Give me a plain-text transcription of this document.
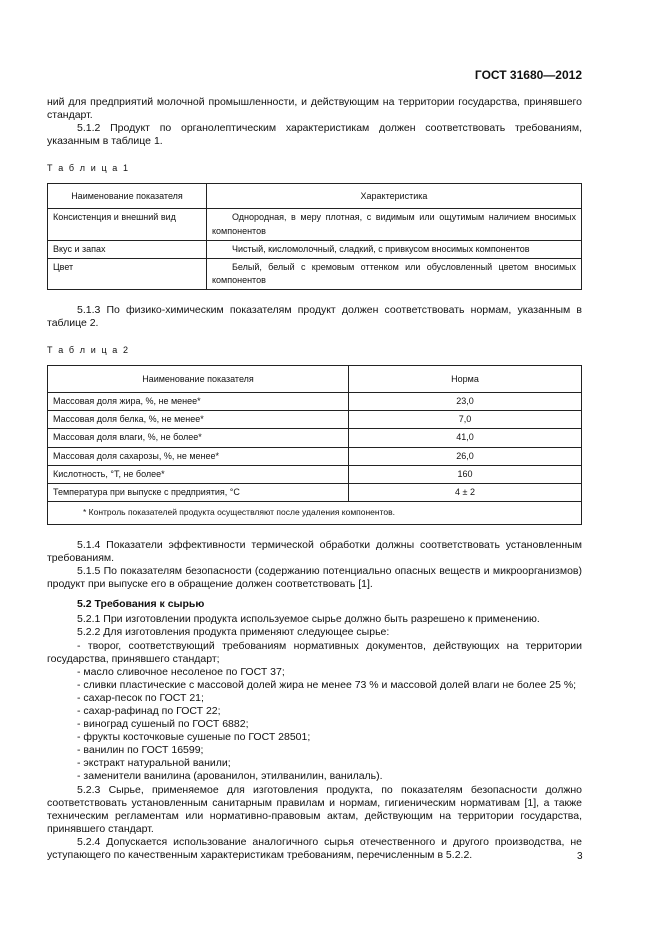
ГОСТ 31680—2012

ний для предприятий молочной промышленности, и действующим на территории государства, принявшего стандарт.

5.1.2 Продукт по органолептическим характеристикам должен соответствовать требованиям, указанным в таблице 1.

Т а б л и ц а 1
Наименование показателя	Характеристика
Консистенция и внешний вид	Однородная, в меру плотная, с видимым или ощутимым наличием вносимых компонентов
Вкус и запах	Чистый, кисломолочный, сладкий, с привкусом вносимых компонентов
Цвет	Белый, белый с кремовым оттенком или обусловленный цветом вносимых компонентов

5.1.3 По физико-химическим показателям продукт должен соответствовать нормам, указанным в таблице 2.

Т а б л и ц а 2
Наименование показателя	Норма
Массовая доля жира, %, не менее*	23,0
Массовая доля белка, %, не менее*	7,0
Массовая доля влаги, %, не более*	41,0
Массовая доля сахарозы, %, не менее*	26,0
Кислотность, °Т, не более*	160
Температура при выпуске с предприятия, °С	4 ± 2
* Контроль показателей продукта осуществляют после удаления компонентов.	

5.1.4 Показатели эффективности термической обработки должны соответствовать установленным требованиям.

5.1.5 По показателям безопасности (содержанию потенциально опасных веществ и микроорганизмов) продукт при выпуске его в обращение должен соответствовать [1].

5.2 Требования к сырью

5.2.1 При изготовлении продукта используемое сырье должно быть разрешено к применению.

5.2.2 Для изготовления продукта применяют следующее сырье:

- творог, соответствующий требованиям нормативных документов, действующих на территории государства, принявшего стандарт;

- масло сливочное несоленое по ГОСТ 37;

- сливки пластические с массовой долей жира не менее 73 % и массовой долей влаги не более 25 %;

- сахар-песок по ГОСТ 21;

- сахар-рафинад по ГОСТ 22;

- виноград сушеный по ГОСТ 6882;

- фрукты косточковые сушеные по ГОСТ 28501;

- ванилин по ГОСТ 16599;

- экстракт натуральной ванили;

- заменители ванилина (арованилон, этилванилин, ванилаль).

5.2.3 Сырье, применяемое для изготовления продукта, по показателям безопасности должно соответствовать установленным санитарным правилам и нормам, гигиеническим нормативам [1], а также техническим регламентам или нормативно-правовым актам, действующим на территории государства, принявшего стандарт.

5.2.4 Допускается использование аналогичного сырья отечественного и другого производства, не уступающего по качественным характеристикам требованиям, перечисленным в 5.2.2.	3
